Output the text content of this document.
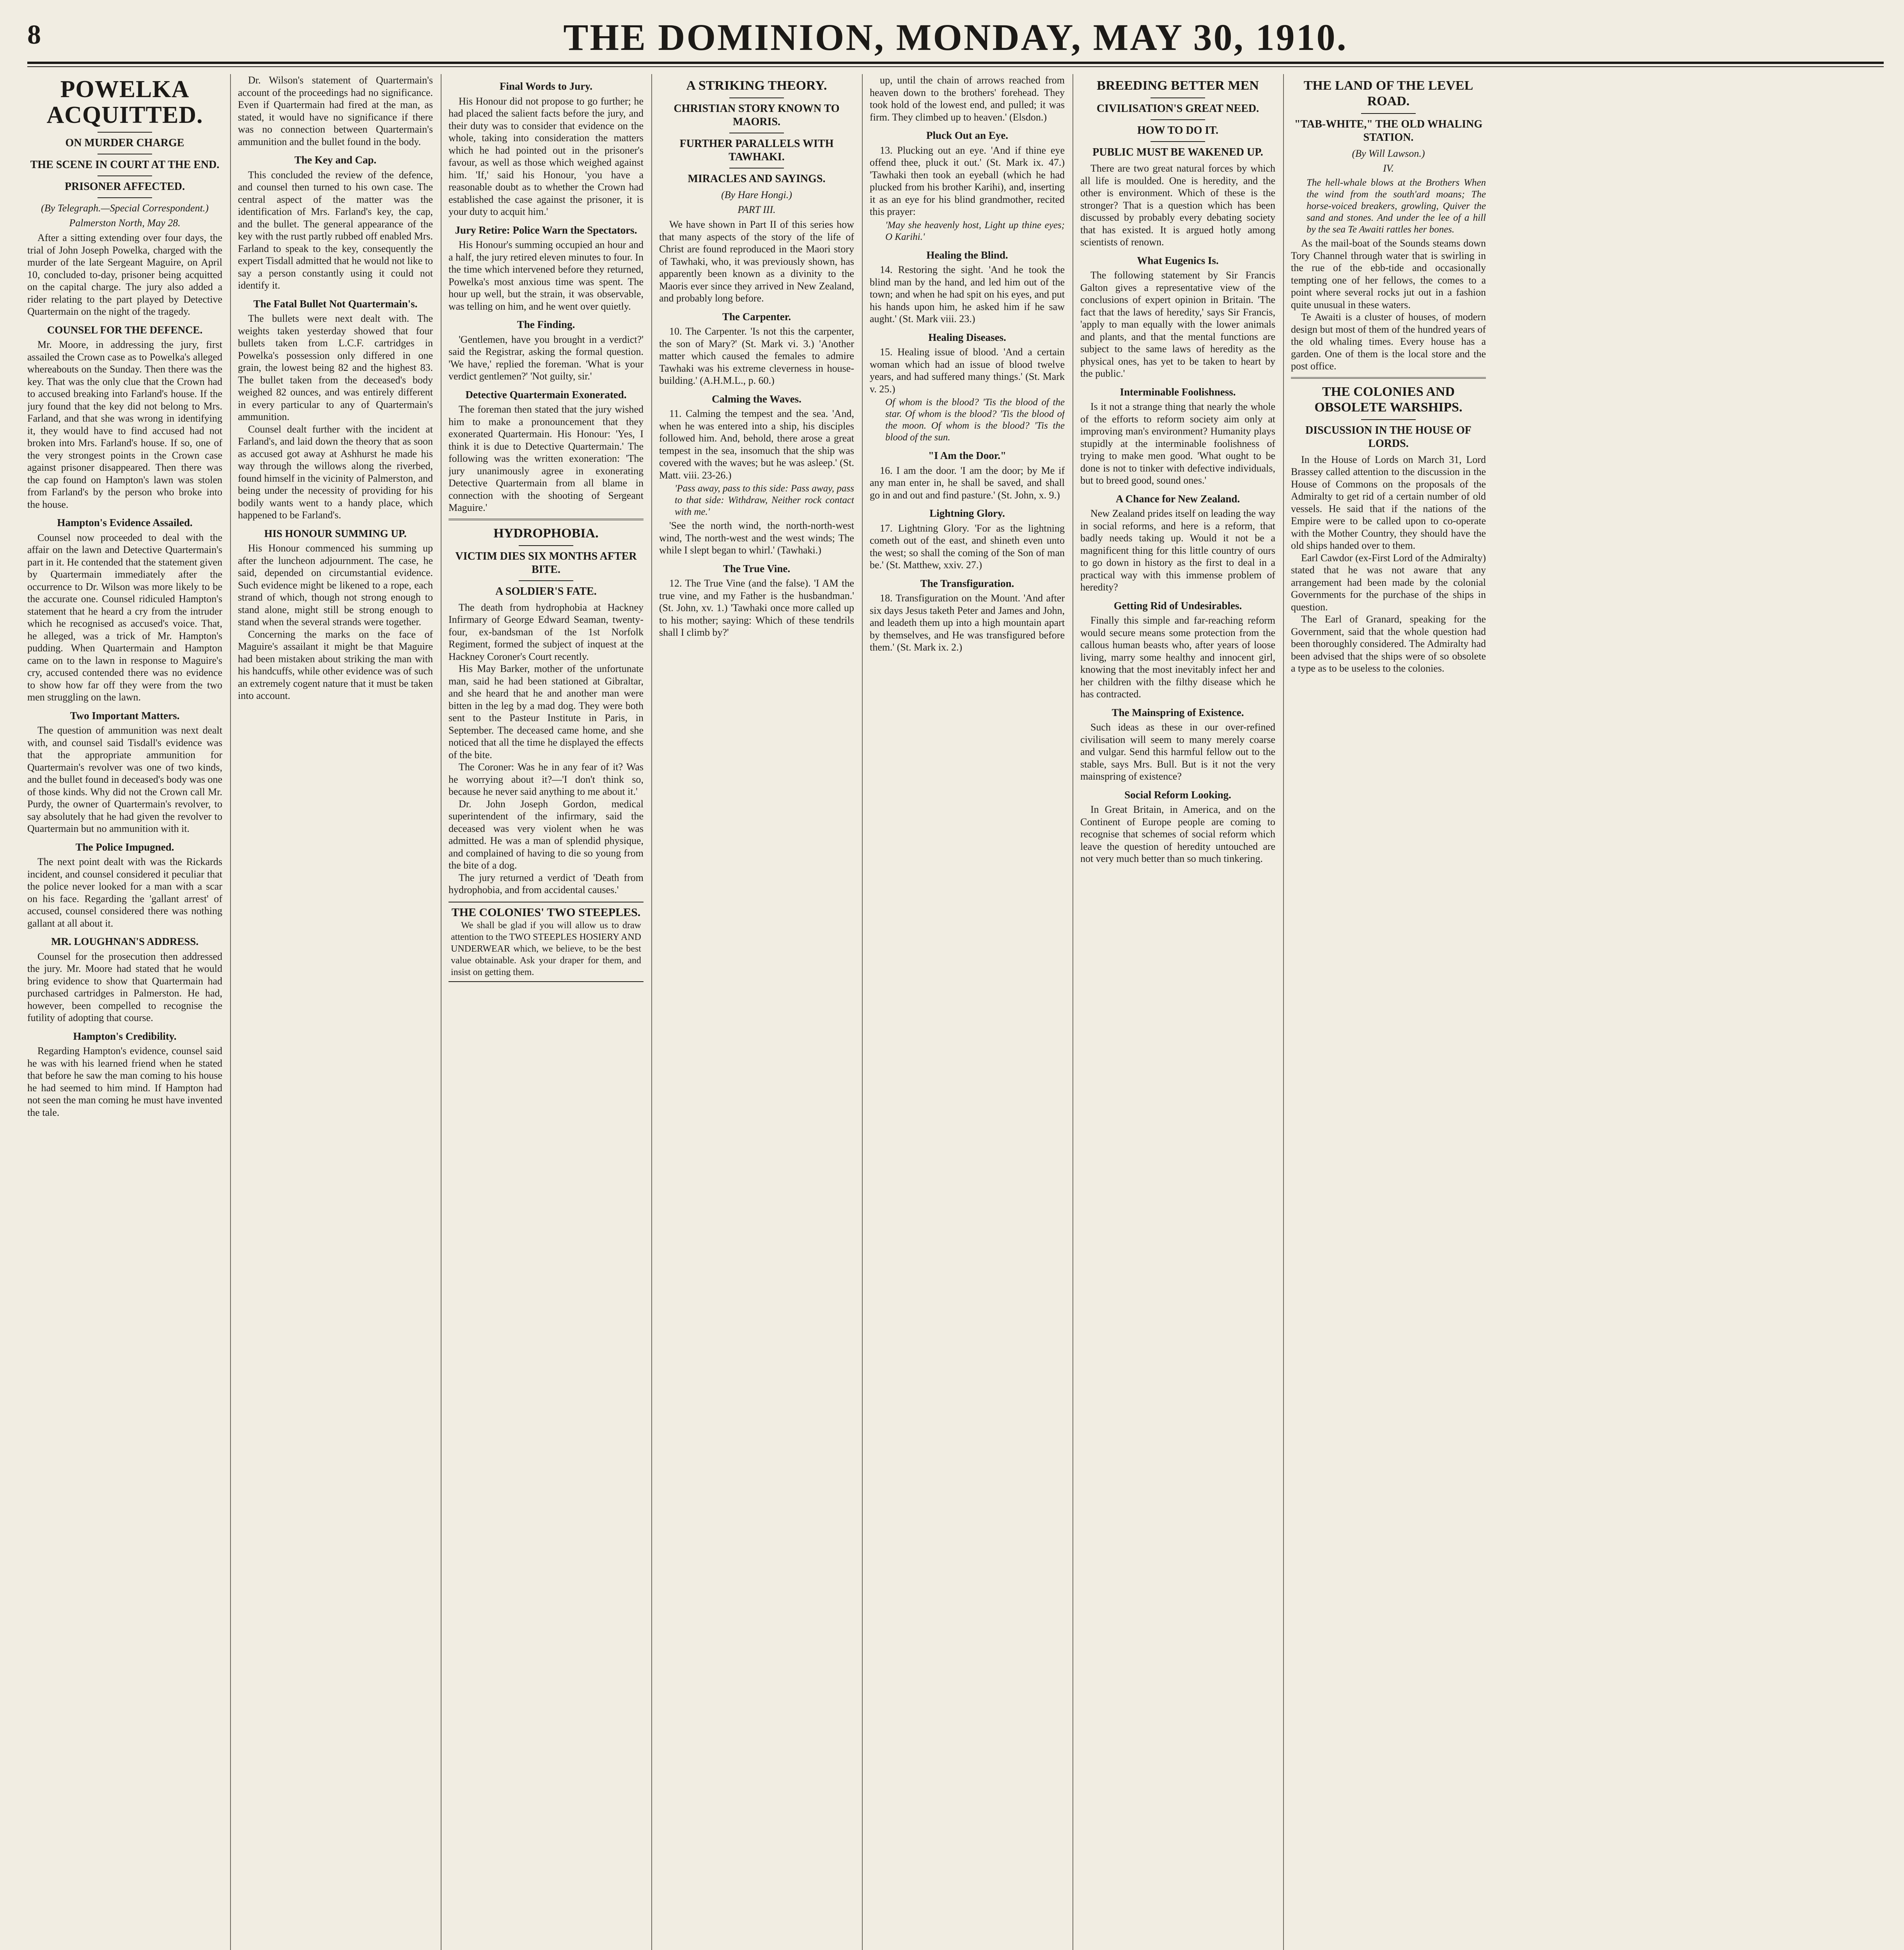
8	THE DOMINION, MONDAY, MAY 30, 1910.
POWELKA ACQUITTED.
ON MURDER CHARGE
THE SCENE IN COURT AT THE END.
PRISONER AFFECTED.
(By Telegraph.—Special Correspondent.)
Palmerston North, May 28.

After a sitting extending over four days, the trial of John Joseph Powelka, charged with the murder of the late Sergeant Maguire, on April 10, concluded to-day, prisoner being acquitted on the capital charge. The jury also added a rider relating to the part played by Detective Quartermain on the night of the tragedy.

COUNSEL FOR THE DEFENCE.

Mr. Moore, in addressing the jury, first assailed the Crown case as to Powelka's alleged whereabouts on the Sunday. Then there was the key. That was the only clue that the Crown had to accused breaking into Farland's house. If the jury found that the key did not belong to Mrs. Farland, and that she was wrong in identifying it, they would have to find accused had not broken into Mrs. Farland's house. If so, one of the very strongest points in the Crown case against prisoner disappeared. Then there was the cap found on Hampton's lawn was stolen from Farland's by the person who broke into the house.

Hampton's Evidence Assailed.

Counsel now proceeded to deal with the affair on the lawn and Detective Quartermain's part in it. He contended that the statement given by Quartermain immediately after the occurrence to Dr. Wilson was more likely to be the accurate one. Counsel ridiculed Hampton's statement that he heard a cry from the intruder which he recognised as accused's voice. That, he alleged, was a trick of Mr. Hampton's pudding. When Quartermain and Hampton came on to the lawn in response to Maguire's cry, accused contended there was no evidence to show how far off they were from the two men struggling on the lawn.

Two Important Matters.

The question of ammunition was next dealt with, and counsel said Tisdall's evidence was that the appropriate ammunition for Quartermain's revolver was one of two kinds, and the bullet found in deceased's body was one of those kinds. Why did not the Crown call Mr. Purdy, the owner of Quartermain's revolver, to say absolutely that he had given the revolver to Quartermain but no ammunition with it.

The Police Impugned.

The next point dealt with was the Rickards incident, and counsel considered it peculiar that the police never looked for a man with a scar on his face. Regarding the 'gallant arrest' of accused, counsel considered there was nothing gallant at all about it.

MR. LOUGHNAN'S ADDRESS.

Counsel for the prosecution then addressed the jury. Mr. Moore had stated that he would bring evidence to show that Quartermain had purchased cartridges in Palmerston. He had, however, been compelled to recognise the futility of adopting that course.

Hampton's Credibility.

Regarding Hampton's evidence, counsel said he was with his learned friend when he stated that before he saw the man coming to his house he had seemed to him mind. If Hampton had not seen the man coming he must have invented the tale.

Dr. Wilson's statement of Quartermain's account of the proceedings had no significance. Even if Quartermain had fired at the man, as stated, it would have no significance if there was no connection between Quartermain's ammunition and the bullet found in the body.

The Key and Cap.

This concluded the review of the defence, and counsel then turned to his own case. The central aspect of the matter was the identification of Mrs. Farland's key, the cap, and the bullet. The general appearance of the key with the rust partly rubbed off enabled Mrs. Farland to speak to the key, consequently the expert Tisdall admitted that he would not like to say a person constantly using it could not identify it.

The Fatal Bullet Not Quartermain's.

The bullets were next dealt with. The weights taken yesterday showed that four bullets taken from L.C.F. cartridges in Powelka's possession only differed in one grain, the lowest being 82 and the highest 83. The bullet taken from the deceased's body weighed 82 ounces, and was entirely different in every particular to any of Quartermain's ammunition.

Counsel dealt further with the incident at Farland's, and laid down the theory that as soon as accused got away at Ashhurst he made his way through the willows along the riverbed, found himself in the vicinity of Palmerston, and being under the necessity of providing for his bodily wants went to a handy place, which happened to be Farland's.

HIS HONOUR SUMMING UP.

His Honour commenced his summing up after the luncheon adjournment. The case, he said, depended on circumstantial evidence. Such evidence might be likened to a rope, each strand of which, though not strong enough to stand alone, might still be strong enough to stand when the several strands were together.

Concerning the marks on the face of Maguire's assailant it might be that Maguire had been mistaken about striking the man with his handcuffs, while other evidence was of such an extremely cogent nature that it must be taken into account.

Final Words to Jury.

His Honour did not propose to go further; he had placed the salient facts before the jury, and their duty was to consider that evidence on the whole, taking into consideration the matters which he had pointed out in the prisoner's favour, as well as those which weighed against him. 'If,' said his Honour, 'you have a reasonable doubt as to whether the Crown had established the case against the prisoner, it is your duty to acquit him.'

Jury Retire: Police Warn the Spectators.

His Honour's summing occupied an hour and a half, the jury retired eleven minutes to four. In the time which intervened before they returned, Powelka's most anxious time was spent. The hour up well, but the strain, it was observable, was telling on him, and he went over quietly.

The Finding.

'Gentlemen, have you brought in a verdict?' said the Registrar, asking the formal question. 'We have,' replied the foreman. 'What is your verdict gentlemen?' 'Not guilty, sir.'

Detective Quartermain Exonerated.

The foreman then stated that the jury wished him to make a pronouncement that they exonerated Quartermain. His Honour: 'Yes, I think it is due to Detective Quartermain.' The following was the written exoneration: 'The jury unanimously agree in exonerating Detective Quartermain from all blame in connection with the shooting of Sergeant Maguire.'

HYDROPHOBIA.
VICTIM DIES SIX MONTHS AFTER BITE.
A SOLDIER'S FATE.

The death from hydrophobia at Hackney Infirmary of George Edward Seaman, twenty-four, ex-bandsman of the 1st Norfolk Regiment, formed the subject of inquest at the Hackney Coroner's Court recently.

His May Barker, mother of the unfortunate man, said he had been stationed at Gibraltar, and she heard that he and another man were bitten in the leg by a mad dog. They were both sent to the Pasteur Institute in Paris, in September. The deceased came home, and she noticed that all the time he displayed the effects of the bite.

The Coroner: Was he in any fear of it? Was he worrying about it?—'I don't think so, because he never said anything to me about it.'

Dr. John Joseph Gordon, medical superintendent of the infirmary, said the deceased was very violent when he was admitted. He was a man of splendid physique, and complained of having to die so young from the bite of a dog.

The jury returned a verdict of 'Death from hydrophobia, and from accidental causes.'

THE COLONIES' TWO STEEPLES.

We shall be glad if you will allow us to draw attention to the TWO STEEPLES HOSIERY AND UNDERWEAR which, we believe, to be the best value obtainable. Ask your draper for them, and insist on getting them.

A STRIKING THEORY.
CHRISTIAN STORY KNOWN TO MAORIS.
FURTHER PARALLELS WITH TAWHAKI.
MIRACLES AND SAYINGS.
(By Hare Hongi.)
PART III.

We have shown in Part II of this series how that many aspects of the story of the life of Christ are found reproduced in the Maori story of Tawhaki, who, it was previously shown, has apparently been known as a divinity to the Maoris ever since they arrived in New Zealand, and probably long before.

The Carpenter.

10. The Carpenter. 'Is not this the carpenter, the son of Mary?' (St. Mark vi. 3.) 'Another matter which caused the females to admire Tawhaki was his extreme cleverness in house-building.' (A.H.M.L., p. 60.)

Calming the Waves.

11. Calming the tempest and the sea. 'And, when he was entered into a ship, his disciples followed him. And, behold, there arose a great tempest in the sea, insomuch that the ship was covered with the waves; but he was asleep.' (St. Matt. viii. 23-26.)

'Pass away, pass to this side: Pass away, pass to that side: Withdraw, Neither rock contact with me.'

'See the north wind, the north-north-west wind, The north-west and the west winds; The while I slept began to whirl.' (Tawhaki.)

The True Vine.

12. The True Vine (and the false). 'I AM the true vine, and my Father is the husbandman.' (St. John, xv. 1.) 'Tawhaki once more called up to his mother; saying: Which of these tendrils shall I climb by?'

up, until the chain of arrows reached from heaven down to the brothers' forehead. They took hold of the lowest end, and pulled; it was firm. They climbed up to heaven.' (Elsdon.)

Pluck Out an Eye.

13. Plucking out an eye. 'And if thine eye offend thee, pluck it out.' (St. Mark ix. 47.) 'Tawhaki then took an eyeball (which he had plucked from his brother Karihi), and, inserting it as an eye for his blind grandmother, recited this prayer:

'May she heavenly host, Light up thine eyes; O Karihi.'

Healing the Blind.

14. Restoring the sight. 'And he took the blind man by the hand, and led him out of the town; and when he had spit on his eyes, and put his hands upon him, he asked him if he saw aught.' (St. Mark viii. 23.)

Healing Diseases.

15. Healing issue of blood. 'And a certain woman which had an issue of blood twelve years, and had suffered many things.' (St. Mark v. 25.)

Of whom is the blood? 'Tis the blood of the star. Of whom is the blood? 'Tis the blood of the moon. Of whom is the blood? 'Tis the blood of the sun.

"I Am the Door."

16. I am the door. 'I am the door; by Me if any man enter in, he shall be saved, and shall go in and out and find pasture.' (St. John, x. 9.)

Lightning Glory.

17. Lightning Glory. 'For as the lightning cometh out of the east, and shineth even unto the west; so shall the coming of the Son of man be.' (St. Matthew, xxiv. 27.)

The Transfiguration.

18. Transfiguration on the Mount. 'And after six days Jesus taketh Peter and James and John, and leadeth them up into a high mountain apart by themselves, and He was transfigured before them.' (St. Mark ix. 2.)

BREEDING BETTER MEN
CIVILISATION'S GREAT NEED.
HOW TO DO IT.
PUBLIC MUST BE WAKENED UP.

There are two great natural forces by which all life is moulded. One is heredity, and the other is environment. Which of these is the stronger? That is a question which has been discussed by probably every debating society that has existed. It is argued hotly among scientists of renown.

What Eugenics Is.

The following statement by Sir Francis Galton gives a representative view of the conclusions of expert opinion in Britain. 'The fact that the laws of heredity,' says Sir Francis, 'apply to man equally with the lower animals and plants, and that the mental functions are subject to the same laws of heredity as the physical ones, has yet to be taken to heart by the public.'

Interminable Foolishness.

Is it not a strange thing that nearly the whole of the efforts to reform society aim only at improving man's environment? Humanity plays stupidly at the interminable foolishness of trying to make men good. 'What ought to be done is not to tinker with defective individuals, but to breed good, sound ones.'

A Chance for New Zealand.

New Zealand prides itself on leading the way in social reforms, and here is a reform, that badly needs taking up. Would it not be a magnificent thing for this little country of ours to go down in history as the first to deal in a practical way with this immense problem of heredity?

Getting Rid of Undesirables.

Finally this simple and far-reaching reform would secure means some protection from the callous human beasts who, after years of loose living, marry some healthy and innocent girl, knowing that the most inevitably infect her and her children with the filthy disease which he has contracted.

The Mainspring of Existence.

Such ideas as these in our over-refined civilisation will seem to many merely coarse and vulgar. Send this harmful fellow out to the stable, says Mrs. Bull. But is it not the very mainspring of existence?

Social Reform Looking.

In Great Britain, in America, and on the Continent of Europe people are coming to recognise that schemes of social reform which leave the question of heredity untouched are not very much better than so much tinkering.

THE LAND OF THE LEVEL ROAD.
"TAB-WHITE," THE OLD WHALING STATION.
(By Will Lawson.)
IV.

The hell-whale blows at the Brothers When the wind from the south'ard moans; The horse-voiced breakers, growling, Quiver the sand and stones. And under the lee of a hill by the sea Te Awaiti rattles her bones.

As the mail-boat of the Sounds steams down Tory Channel through water that is swirling in the rue of the ebb-tide and occasionally tempting one of her fellows, the comes to a point where several rocks jut out in a fashion quite unusual in these waters.

Te Awaiti is a cluster of houses, of modern design but most of them of the hundred years of the old whaling times. Every house has a garden. One of them is the local store and the post office.

THE COLONIES AND OBSOLETE WARSHIPS.
DISCUSSION IN THE HOUSE OF LORDS.

In the House of Lords on March 31, Lord Brassey called attention to the discussion in the House of Commons on the proposals of the Admiralty to get rid of a certain number of old vessels. He said that if the nations of the Empire were to be called upon to co-operate with the Mother Country, they should have the old ships handed over to them.

Earl Cawdor (ex-First Lord of the Admiralty) stated that he was not aware that any arrangement had been made by the colonial Governments for the purchase of the ships in question.

The Earl of Granard, speaking for the Government, said that the whole question had been thoroughly considered. The Admiralty had been advised that the ships were of so obsolete a type as to be useless to the colonies.
